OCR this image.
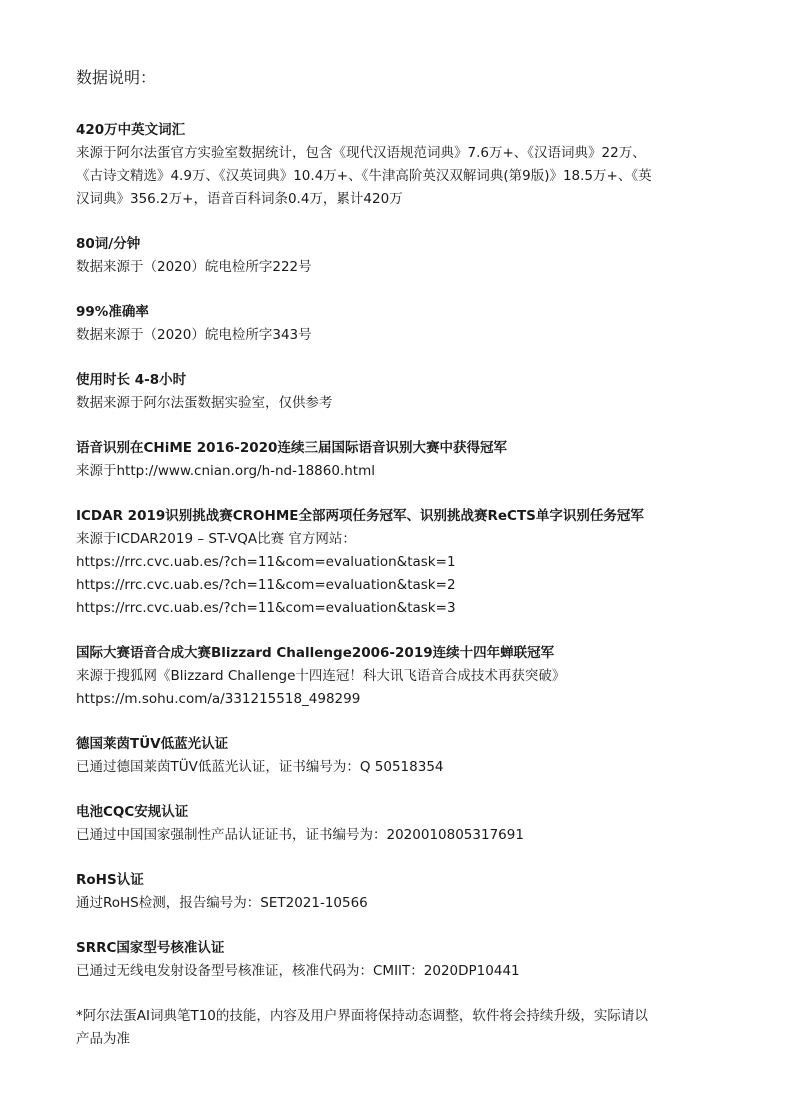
数据说明：
420万中英文词汇
来源于阿尔法蛋官方实验室数据统计，包含《现代汉语规范词典》7.6万+、《汉语词典》22万、
《古诗文精选》4.9万、《汉英词典》10.4万+、《牛津高阶英汉双解词典(第9版)》18.5万+、《英
汉词典》356.2万+，语音百科词条0.4万，累计420万
80词/分钟
数据来源于（2020）皖电检所字222号
99%准确率
数据来源于（2020）皖电检所字343号
使用时长 4-8小时
数据来源于阿尔法蛋数据实验室，仅供参考
语音识别在CHiME 2016-2020连续三届国际语音识别大赛中获得冠军
来源于http://www.cnian.org/h-nd-18860.html
ICDAR 2019识别挑战赛CROHME全部两项任务冠军、识别挑战赛ReCTS单字识别任务冠军
来源于ICDAR2019 – ST-VQA比赛 官方网站：
https://rrc.cvc.uab.es/?ch=11&com=evaluation&task=1
https://rrc.cvc.uab.es/?ch=11&com=evaluation&task=2
https://rrc.cvc.uab.es/?ch=11&com=evaluation&task=3
国际大赛语音合成大赛Blizzard Challenge2006-2019连续十四年蝉联冠军
来源于搜狐网《Blizzard Challenge十四连冠！科大讯飞语音合成技术再获突破》
https://m.sohu.com/a/331215518_498299
德国莱茵TÜV低蓝光认证
已通过德国莱茵TÜV低蓝光认证，证书编号为：Q 50518354
电池CQC安规认证
已通过中国国家强制性产品认证证书，证书编号为：2020010805317691
RoHS认证
通过RoHS检测，报告编号为：SET2021-10566
SRRC国家型号核准认证
已通过无线电发射设备型号核准证，核准代码为：CMIIT：2020DP10441
*阿尔法蛋AI词典笔T10的技能，内容及用户界面将保持动态调整，软件将会持续升级，实际请以
产品为准
